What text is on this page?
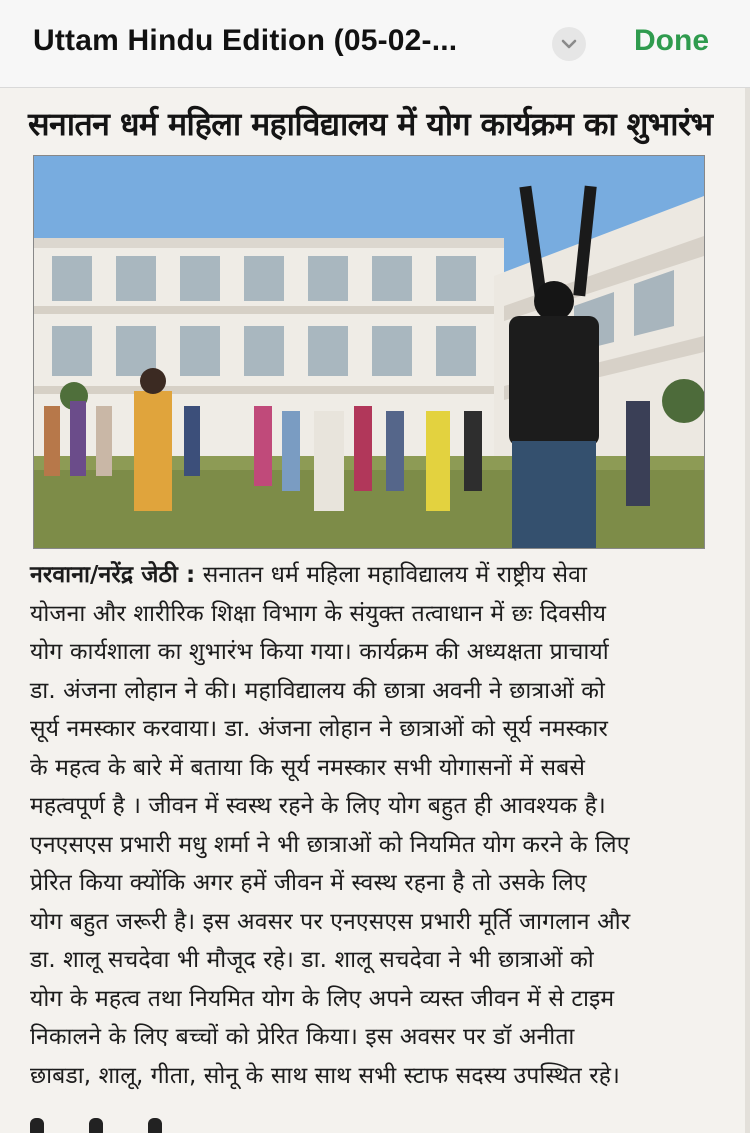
Uttam Hindu Edition (05-02-...	Done
सनातन धर्म महिला महाविद्यालय में योग कार्यक्रम का शुभारंभ
नरवाना/नरेंद्र जेठी : सनातन धर्म महिला महाविद्यालय में राष्ट्रीय सेवा
योजना और शारीरिक शिक्षा विभाग के संयुक्त तत्वाधान में छः दिवसीय
योग कार्यशाला का शुभारंभ किया गया। कार्यक्रम की अध्यक्षता प्राचार्या
डा. अंजना लोहान ने की। महाविद्यालय की छात्रा अवनी ने छात्राओं को
सूर्य नमस्कार करवाया। डा. अंजना लोहान ने छात्राओं को सूर्य नमस्कार
के महत्व के बारे में बताया कि सूर्य नमस्कार सभी योगासनों में सबसे
महत्वपूर्ण है । जीवन में स्वस्थ रहने के लिए योग बहुत ही आवश्यक है।
एनएसएस प्रभारी मधु शर्मा ने भी छात्राओं को नियमित योग करने के लिए
प्रेरित किया क्योंकि अगर हमें जीवन में स्वस्थ रहना है तो उसके लिए
योग बहुत जरूरी है। इस अवसर पर एनएसएस प्रभारी मूर्ति जागलान और
डा. शालू सचदेवा भी मौजूद रहे। डा. शालू सचदेवा ने भी छात्राओं को
योग के महत्व तथा नियमित योग के लिए अपने व्यस्त जीवन में से टाइम
निकालने के लिए बच्चों को प्रेरित किया। इस अवसर पर डॉ अनीता
छाबडा, शालू, गीता, सोनू के साथ साथ सभी स्टाफ सदस्य उपस्थित रहे।
